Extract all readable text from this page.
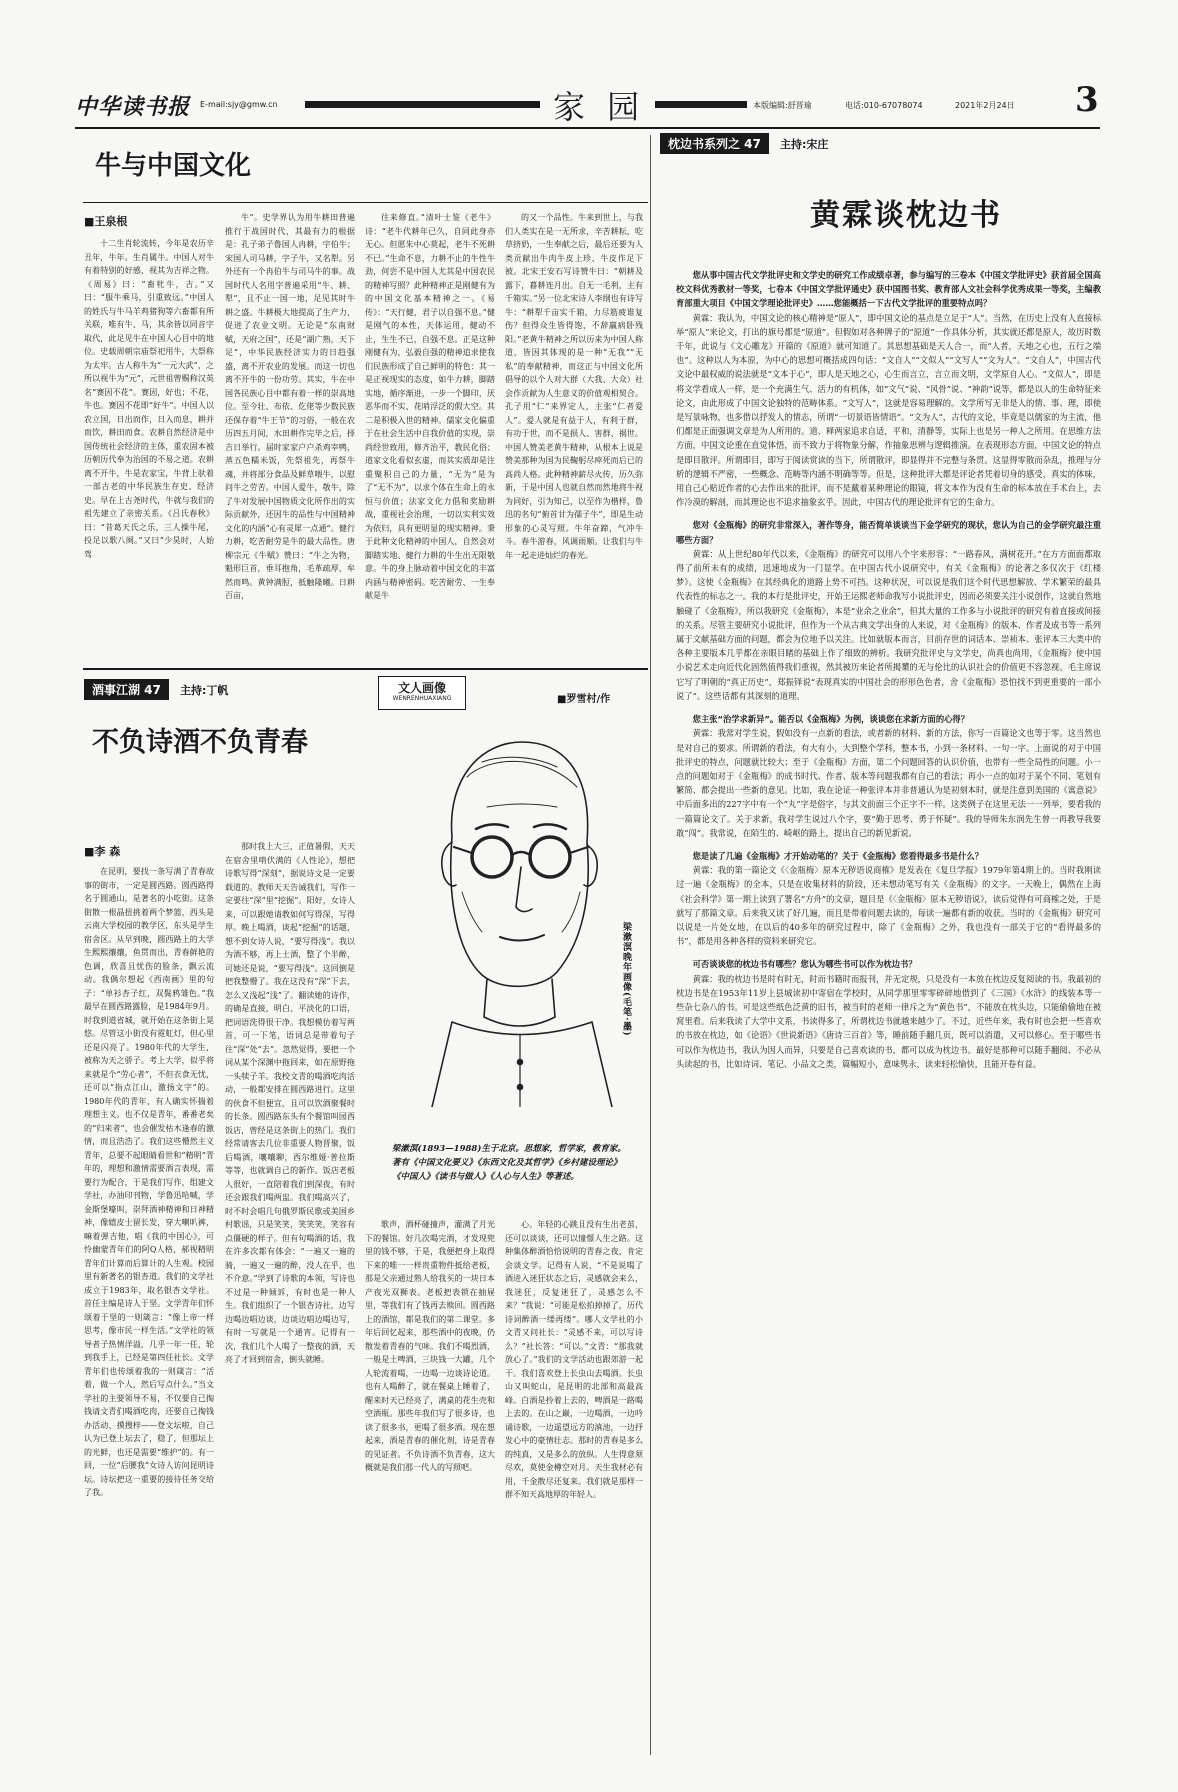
中华读书报 E-mail:sjy@gmw.cn	家 园	本版编辑:舒晋瑜	电话:010-67078074	2021年2月24日 3
牛与中国文化
■王泉根

十二生肖轮流转，今年是农历辛丑年，牛年。生肖属牛。中国人对牛有着特别的好感，视其为吉祥之物。《周易》曰：“畜牝牛，吉。”又曰：“服牛乘马，引重致远。”中国人的姓氏与牛马羊鸡猪狗等六畜都有所关联，唯有牛、马，其余皆以同音字取代，此足见牛在中国人心目中的地位。史载周朝宗庙祭祀用牛，大祭称为太牢。古人称牛为“一元大武”，之所以视牛为“元”，元世祖曾赐称汉英名“赛因不花”。赛因，好也；不花，牛也。赛因不花即“好牛”。中国人以农立国，日出而作，日入而息，耕并而饮，耕田而食。农耕自然经济是中国传统社会经济的主体，重农固本被历朝历代奉为治国的不易之道。农耕离不开牛，牛是农家宝，牛背上驮着一部古老的中华民族生存史、经济史。早在上古尧时代，牛就与我们的祖先建立了亲密关系。《吕氏春秋》曰：“昔葛天氏之乐，三人操牛尾，投足以歌八阕。”又曰“少昊时，人始驾

牛”。史学界认为用牛耕田普遍推行于战国时代，其最有力的根据是：孔子弟子鲁国人冉耕，字伯牛；宋国人司马耕，字子牛，又名犁。另外还有一个冉伯牛与司马牛的事。战国时代人名用字普遍采用“牛、耕、犁”，且不止一国一地，足见其时牛耕之盛。牛耕极大地提高了生产力，促进了农业文明。无论是“东南财赋，天府之国”，还是“湖广熟，天下足”，中华民族经济实力的日趋强盛，离不开农业的发展。而这一切也离不开牛的一份功劳。其实，牛在中国各民族心目中都有着一样的崇高地位。至今壮、布依、仡佬等少数民族还保存着“牛王节”的习俗，一般在农历四五月间，水田耕作完毕之后，择吉日举行。届时家家户户杀鸡宰鸭，蒸五色糯米饭，先祭祖先，再祭牛魂，并将部分食品及鲜草喂牛，以慰问牛之劳苦。中国人爱牛，敬牛，除了牛对发展中国物质文化所作出的实际贡献外，还因牛的品性与中国精神文化的内涵“心有灵犀一点通”。健行力耕，吃苦耐劳是牛的最大品性。唐柳宗元《牛赋》赞曰：“牛之为物，魁形巨首，垂耳抱角，毛革疏厚，牟然而鸣。黄钟满脰，抵触隆曦。日耕百亩，

往来修直。”清叶士鉴《老牛》诗：“老牛代耕年已久，自同此身亦无心。但愿朱中心莫起，老牛不死耕不已。”生命不息，力耕不止的牛性牛劲，何尝不是中国人尤其是中国农民的精神写照？此种精神正是刚健有为的中国文化基本精神之一。《易传》：“天行健，君子以自强不息。”健是刚气的本性，天体运用，健动不止，生生不已，自强不息。正是这种刚健有为，弘毅自强的精神追求使我们民族形成了自己鲜明的特色：其一是正视现实的态度，如牛力耕，脚踏实地，循序渐进，一步一个脚印，厌恶华而不实、花哨浮泛的假大空。其二是积极入世的精神。儒家文化偏重于在社会生活中自我价值的实现，崇尚经世致用，修齐治平，教民化俗；道家文化看似玄虚，而其实质却是注重聚积自己的力量，“无为”是为了“无不为”，以求个体在生命上的永恒与价值；法家文化力倡和奖励耕战，重视社会治理，一切以实利实效为依归，具有更明显的现实精神。秉于此种文化精神的中国人，自然会对脚踏实地、健行力耕的牛生出无限敬意。牛的身上脉动着中国文化的丰富内涵与精神密码。吃苦耐劳、一生奉献是牛

的又一个品性。牛来到世上，与我们人类实在是一无所求，辛苦耕耘，吃草挤奶，一生奉献之后，最后还要为人类贡献出牛肉牛皮上珍、牛皮作足下被。北宋王安石写诗赞牛曰：“朝耕及露下，暮耕连月出。自无一毛利，主有千箱实。”另一位北宋诗人李纲也有诗写牛：“耕犁千亩实千箱，力尽筋疲谁复伤？但得众生皆得饱，不辞羸病卧残阳。”老黄牛精神之所以历来为中国人称道，皆因其体现的是一种“无我”“无私”的奉献精神，而这正与中国文化所倡导的以个人对大群（大我、大众）社会作贡献为人生意义的价值观相契合。孔子用“仁”来界定人，主张“仁者爱人”。爱人就是有益于人，有利于群，有功于世，而不是损人、害群、祸世。中国人赞美老黄牛精神，从根本上说是赞美那种为国为民鞠躬尽瘁死而后已的高尚人格。此种精神薪尽火传，历久弥新，于是中国人也就自然而然地将牛视为同好，引为知己，以至作为楷样，鲁迅的名句“俯首甘为孺子牛”，即是生动形象的心灵写照。牛年奋蹄，气冲牛斗。春牛游春，风调雨顺。让我们与牛年一起走进灿烂的春光。

酒事江湖 47 主持:丁帆
不负诗酒不负青春
■李 森

在昆明，要找一条写满了青春故事的街市，一定是圆西路。圆西路得名于圆通山，是著名的小吃街。这条街散一根晶扭挑着两个梦篮，西头是云南大学校园的教学区，东头是学生宿舍区。从早到晚，圆西路上的大学生熙熙攘攘，鱼贯而出，青春鲜艳的色调，欣喜且忧伤的脸条，飘云流动。我偶尔想起《西南画》里的句子：“单衫杏子红，双鬓鸦雏色。”我最早在圆西路露脸，是1984年9月。时我到道省城，就开始在这条街上晃悠。尽管这小街没有霓虹灯，但心里还是闪亮了。1980年代的大学生，被称为天之骄子。考上大学，似乎将来就是个“劳心者”，不但衣食无忧，还可以“指点江山，激扬文字”的。1980年代的青年，有人确实怀揣着理想主义。也不仅是青年，番番老矣的“归来者”，也会催发枯木逢春的激情，而且浩浩了。我们这些懵然主义青年，总要不起眼睛看世和“精明”青年的，理想和激情需要酒言表现，需要行为配合，于是我们写作，组建文学社，办油印刊物，学鲁迅哈喊，学金斯堡嚎叫，崇拜酒神精神和日神精神，像嬉皮士留长发，穿大喇叭裤，嘛着弹吉他，唱《我的中国心》，可怜幽蒙青年们的阿Q人格，郝视精明青年们计算而后算计的人生观。校园里有新著名的银杏道。我们的文学社成立于1983年，取名银杏文学社。首任主编是诗人于坚。文学青年们怀颂着于坚的一则箴言：“像上帝一样思考，像市民一样生活。”文学社的领导者子热情洋溢，几乎一年一任，轮到我手上，已经是第四任社长。文学青年们也传颂着我的一则箴言：“活着，做一个人，然后写点什么。”当文学社的主要领导不易，不仅要自己掏钱请文青们喝酒吃肉，还要自己掏钱办活动、摸搜梓——登文坛啦，自己认为已登上坛去了，稳了，但那坛上的光鲜，也还是需要“维护”的。有一回，一位“后腰我”女诗人访问昆明诗坛。诗坛把这一重要的接待任务交给了我。

那时我上大三，正值暑假，天天在宿舍里啃伏满的《人性论》，想把诗歌写得“深刻”，据说诗文是一定要载道的。教师天天告诫我们，写作一定要往“深”里“挖掘”。阳好，女诗人来，可以跟她请教如何写得深，写得厚。晚上喝酒，谈起“挖掘”的话题，想不到女诗人说，“要写得浅”。我以为酒不够，再上土酒，整了个半醉，可她还是说，“要写得浅”。这回倒是把我整懵了。我在这没有“深”下去，怎么又浅起“浅”了。翻读她的诗作，的确是直接，明白、平淡化的口语，把词语洗得很干净。我想模仿着写两首，可一下笔，语词总是带着句子往“深”处“去”。忽然觉得，要把一个词从某个深渊中拖回来，如在原野拖一头犊子羊。我校文青的喝酒吃肉活动，一般都安排在圆西路进行。这里的伙食不但便宜，且可以饮酒聚餐时的长条。圆西路东头有个餐馆叫园西饭店，曾经是这条街上的热门。我们经常请客去几位非重要人物晋聚，饭后喝酒，嚷嚷聊，西尔维娅·普拉斯等等，也就调自己的新作。饭店老板人很好，一直陪着我们到深夜，有时还会跟我们喝两盅。我们喝高兴了，时不时会唱几句俄罗斯民歌或美国乡村歌谣，只是笑笑，笑笑笑，笑容有点僵硬的样子。但有句喝酒的话，我在许多次都有体会：“一遍又一遍的骑，一遍又一遍的醉，没人在乎，也不介意。”学到了诗歌的本领，写诗也不过是一种倾诉，有时也是一种人生。我们组织了一个银杏诗社，边写边喝边唱边谈，边谈边唱边喝边写，有时一写就是一个通宵。记得有一次，我们几个人喝了一整夜的酒，天亮了才回到宿舍，倒头就睡。

歌声，酒杯碰撞声，灌满了月光下的餐馆。好几次喝完酒，才发现兜里的钱不够，于是，我便把身上取得下来的唯一一样贵重物件抵给老板，那是父亲通过熟人给我买的一块日本产夜光双狮表。老板把表锁在抽屉里，等我们有了钱再去赎回。圆西路上的酒馆，都是我们的第二课堂。多年后回忆起来，那些酒中的夜晚，仍散发着青春的气味。我们不喝烈酒，一般是土啤酒，三块钱一大罐，几个人轮流着喝，一边喝一边谈诗论道。也有人喝醉了，就在餐桌上睡着了，醒来时天已经亮了，满桌的花生壳和空酒瓶。那些年我们写了很多诗，也读了很多书，更喝了很多酒。现在想起来，酒是青春的催化剂，诗是青春的见证者。不负诗酒不负青春，这大概就是我们那一代人的写照吧。

心。年轻的心跳且没有生出老茧，还可以谈谈，还可以憧憬人生之路。这种集体醉酒恰恰说明的青春之夜，肯定会谈文学。记得有人说，“不是说喝了酒进入迷狂状态之后，灵感就会来么，我迷狂，反复迷狂了，灵感怎么不来？”我说：“可能是松拍掉掉了，历代诗词醉酒一缕再缕”。哪人文学社的小文青又问社长：“灵感不来，可以写诗么？”社长答：“可以。”文青：“那我就放心了。”我们的文学活动也跟郊游一起干。我们喜欢登上长虫山去喝酒。长虫山又叫蛇山，是昆明的北部和高最高峰。白酒是拎着上去的，啤酒是一路喝上去的。在山之巅，一边喝酒，一边吟诵诗歌，一边遥望远方的滇池，一边抒发心中的豪情壮志。那时的青春是多么的纯真，又是多么的放纵。人生得意须尽欢，莫使金樽空对月。天生我材必有用，千金散尽还复来。我们就是那样一群不知天高地厚的年轻人。

文人画像
WENRENHUAXIANG	■罗雪村/作
梁漱溟晚年画像(毛笔·墨)
梁漱溟(1893—1988)生于北京。思想家，哲学家，教育家。著有《中国文化要义》《东西文化及其哲学》《乡村建设理论》《中国人》《读书与做人》《人心与人生》等著述。
枕边书系列之 47 主持:宋庄
黄霖谈枕边书

您从事中国古代文学批评史和文学史的研究工作成绩卓著，参与编写的三卷本《中国文学批评史》获首届全国高校文科优秀教材一等奖，七卷本《中国文学批评通史》获中国图书奖、教育部人文社会科学优秀成果一等奖，主编教育部重大项目《中国文学理论批评史》……您能概括一下古代文学批评的重要特点吗？

黄霖：我认为，中国文论的核心精神是“原人”，即中国文论的基点是立足于“人”。当然，在历史上没有人直接标举“原人”来论文，打出的旗号都是“原道”。但假如对各种牌子的“原道”一作具体分析，其实就还都是原人，故历时数千年，此说与《文心雕龙》开篇的《原道》就可知道了。其思想基础是天人合一，而“人者，天地之心也，五行之端也”。这种以人为本原，为中心的思想可概括成四句话：“文自人”“文似人”“文写人”“文为人”。“文自人”，中国古代文论中最权威的说法就是“文本于心”，即人是天地之心，心生而言立，言立而文明，文学原自人心。“文似人”，即是将文学看成人一样，是一个充满生气、活力的有机体，如“文气”说、“风骨”说、“神韵”说等，都是以人的生命特征来论文，由此形成了中国文论独特的范畴体系。“文写人”，这就是容易理解的。文学所写无非是人的情、事、理，即使是写景咏物，也多借以抒发人的情志，所谓“一切景语皆情语”。“文为人”，古代的文论，毕竟是以儒家的为主流，他们都是正面强调文章是为人所用的。道、释两家追求自适，平和，清静等，实际上也是另一种人之所用。在思维方法方面，中国文论重在直觉体悟，而不致力于将物象分解，作抽象思辨与逻辑推演。在表现形态方面，中国文论的特点是即目散评。所谓即目，即写于阅读赏读的当下，所谓散评，即显得并不完整与条贯。这显得零散而杂乱，推理与分析的逻辑不严密，一些概念、范畴等内涵不明确等等。但是，这种批评大都是评论者凭着切身的感受，真实的体味，用自己心贴近作者的心去作出来的批评，而不是戴着某种理论的眼镜，将文本作为没有生命的标本放在手术台上，去作冷漠的解剖，而其理论也不追求抽象玄乎。因此，中国古代的理论批评有它的生命力。

您对《金瓶梅》的研究非常深入，著作等身，能否简单谈谈当下金学研究的现状，您认为自己的金学研究最注重哪些方面？

黄霖：从上世纪80年代以来，《金瓶梅》的研究可以用八个字来形容：“一路春风，满树花开。”在方方面面都取得了前所未有的成绩，迅速地成为一门显学。在中国古代小说研究中，有关《金瓶梅》的论著之多仅次于《红楼梦》。这使《金瓶梅》在其经典化的道路上势不可挡。这种状况，可以说是我们这个时代思想解放、学术繁荣的最具代表性的标志之一。我的本行是批评史，开始王运熙老师命我写小说批评史，因而必须要关注小说创作，这就自然地触碰了《金瓶梅》，所以我研究《金瓶梅》，本是“业余之业余”，但其大量的工作多与小说批评的研究有着直接或间接的关系。尽管主要研究小说批评，但作为一个从古典文学出身的人来说，对《金瓶梅》的版本、作者及成书等一系列属于文献基础方面的问题，都会为位地予以关注。比如就版本而言，目前存世的词话本、崇祯本、张评本三大类中的各种主要版本几乎都在亲眼目睹的基础上作了细致的辨析。我研究批评史与文学史，尚真也尚用，《金瓶梅》使中国小说艺术走向近代化固然值得我们重视，然其被历来论者所揭櫫的无与伦比的认识社会的价值更不容忽视。毛主席说它写了明朝的“真正历史”，郑振铎说“表现真实的中国社会的形形色色者，舍《金瓶梅》恐怕找不到更重要的一部小说了”。这些话都有其深刻的道理。

您主张“治学求新异”。能否以《金瓶梅》为例，谈谈您在求新方面的心得？

黄霖：我常对学生说，假如没有一点新的看法，或者新的材料、新的方法，你写一百篇论文也等于零。这当然也是对自己的要求。所谓新的看法，有大有小，大到整个学科，整本书，小到一条材料、一句一字。上面说的对于中国批评史的特点，问题就比较大；至于《金瓶梅》方面，第二个问题回答的认识价值，也带有一些全局性的问题。小一点的问题如对于《金瓶梅》的成书时代、作者、版本等问题我都有自己的看法；再小一点的如对于某个不同、笔划有繁简、都会提出一些新的意见。比如，我在论证一种张评本并非普通认为是初刻本时，就是注意到美国的《寓意说》中后面多出的227字中有一个“丸”字是俗字，与其文前面三个正字不一样。这类例子在这里无法一一列举，要看我的一篇篇论文了。关于求新，我对学生说过八个字，要“勤于思考、勇于怀疑”。我的导师朱东润先生曾一再教导我要敢“闯”。我常说，在陌生的、崎岖的路上，提出自己的新见新说。

您是读了几遍《金瓶梅》才开始动笔的？关于《金瓶梅》您看得最多书是什么？

黄霖：我的第一篇论文《〈金瓶梅〉原本无秽语说商榷》是发表在《复旦学报》1979年第4期上的。当时我刚读过一遍《金瓶梅》的全本，只是在收集材料的阶段，还未想动笔写有关《金瓶梅》的文字。一天晚上，偶然在上海《社会科学》第一期上读到了署名“方舟”的文章，题目是《〈金瓶梅〉原本无秽语说》，读后觉得有可商榷之处，于是就写了那篇文章。后来我又读了好几遍，而且是带着问题去读的，每读一遍都有新的收获。当时的《金瓶梅》研究可以说是一片处女地，在以后的40多年的研究过程中，除了《金瓶梅》之外，我也没有一部关于它的“看得最多的书”，都是用各种各样的资料来研究它。

可否谈谈您的枕边书有哪些？您认为哪些书可以作为枕边书？

黄霖：我的枕边书是时有时无，时而书籍时而报刊，并无定规，只是没有一本放在枕边反复阅读的书。我最初的枕边书是在1953年11岁上县城读初中寄宿在学校时，从同学那里零零碎碎地借到了《三国》《水浒》的线装本等一些杂七杂八的书。可是这些纸色泛黄的旧书，被当时的老师一律斥之为“黄色书”，不能放在枕头边，只能偷偷地在被窝里看。后来我读了大学中文系，书读得多了，所谓枕边书就越来越少了。不过，近些年来，我有时也会把一些喜欢的书放在枕边，如《论语》《世说新语》《唐诗三百首》等，睡前随手翻几页，既可以消遣，又可以修心。至于哪些书可以作为枕边书，我认为因人而异，只要是自己喜欢读的书，都可以成为枕边书。最好是那种可以随手翻阅、不必从头读起的书，比如诗词、笔记、小品文之类，篇幅短小，意味隽永，读来轻松愉快，且能开卷有益。
